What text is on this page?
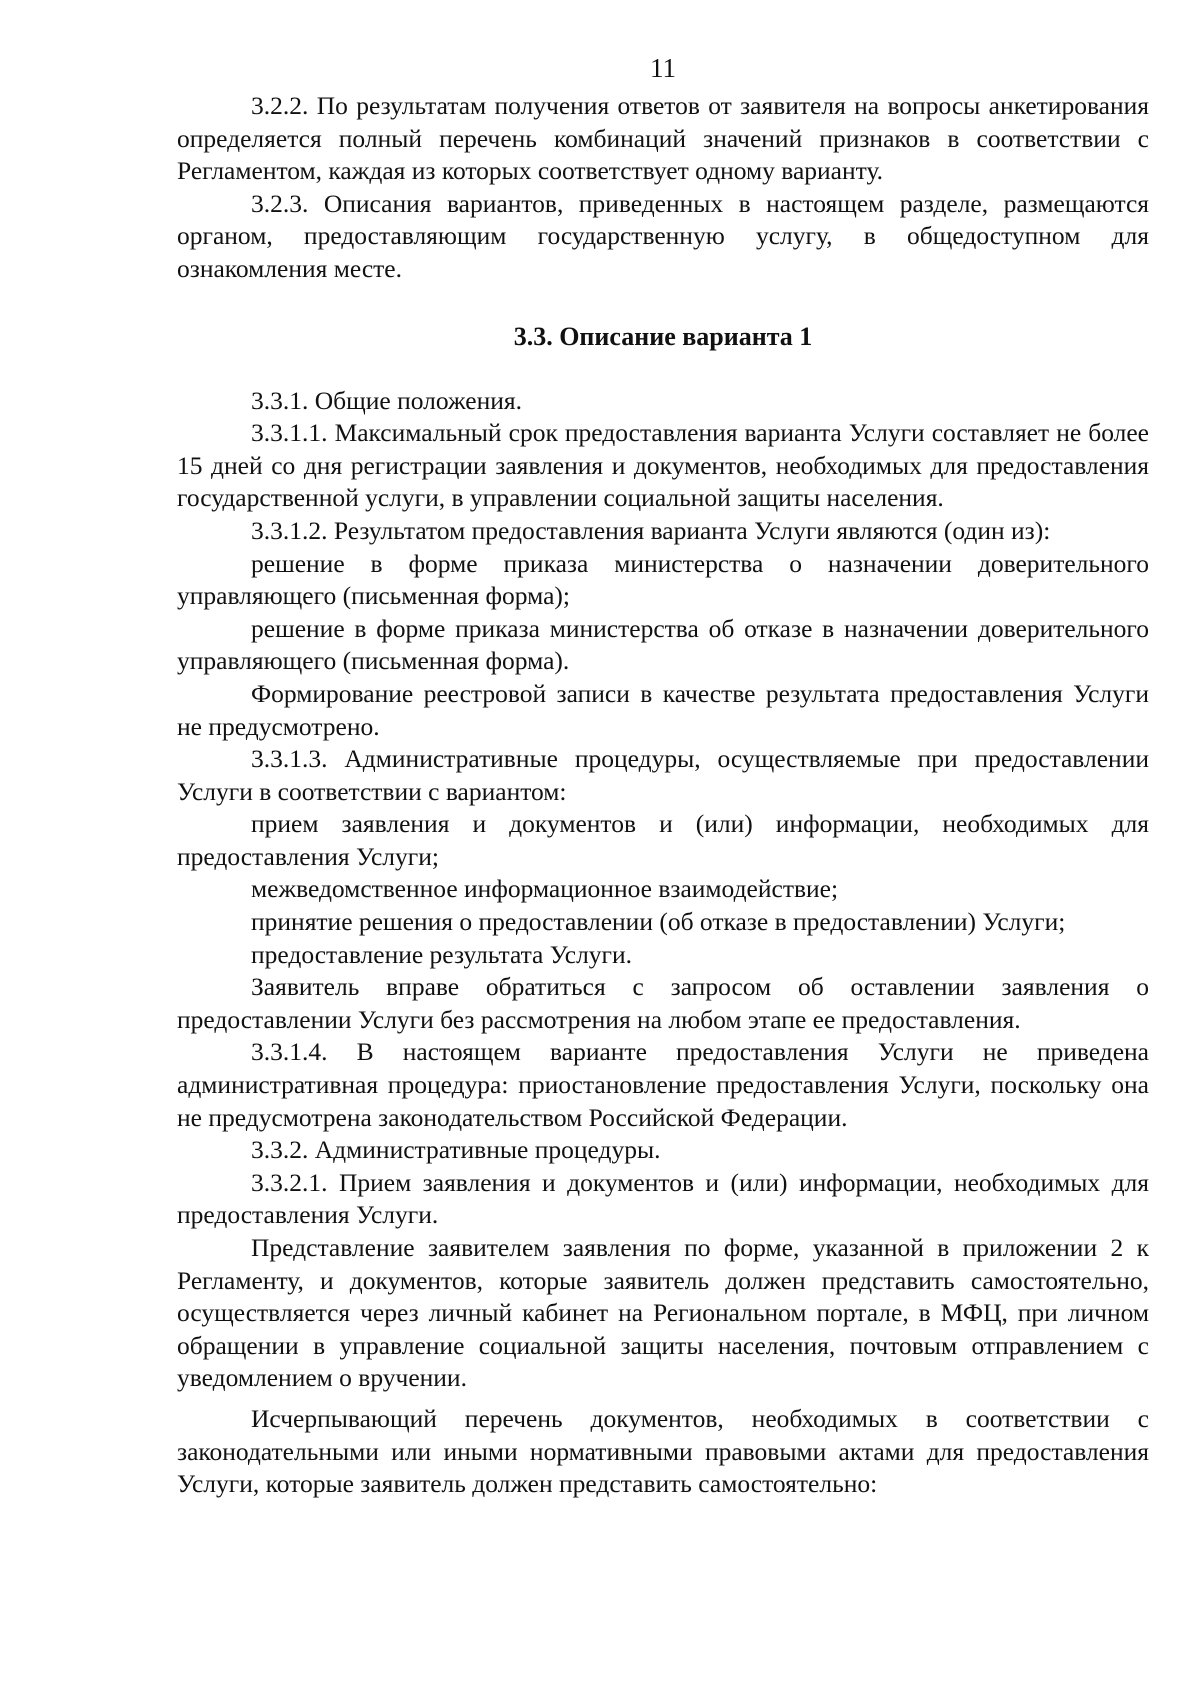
11

3.2.2. По результатам получения ответов от заявителя на вопросы анкетирования определяется полный перечень комбинаций значений признаков в соответствии с Регламентом, каждая из которых соответствует одному варианту.

3.2.3. Описания вариантов, приведенных в настоящем разделе, размещаются органом, предоставляющим государственную услугу, в общедоступном для ознакомления месте.

3.3. Описание варианта 1

3.3.1. Общие положения.

3.3.1.1. Максимальный срок предоставления варианта Услуги составляет не более 15 дней со дня регистрации заявления и документов, необходимых для предоставления государственной услуги, в управлении социальной защиты населения.

3.3.1.2. Результатом предоставления варианта Услуги являются (один из):

решение в форме приказа министерства о назначении доверительного управляющего (письменная форма);

решение в форме приказа министерства об отказе в назначении доверительного управляющего (письменная форма).

Формирование реестровой записи в качестве результата предоставления Услуги не предусмотрено.

3.3.1.3. Административные процедуры, осуществляемые при предоставлении Услуги в соответствии с вариантом:

прием заявления и документов и (или) информации, необходимых для предоставления Услуги;

межведомственное информационное взаимодействие;

принятие решения о предоставлении (об отказе в предоставлении) Услуги;

предоставление результата Услуги.

Заявитель вправе обратиться с запросом об оставлении заявления о предоставлении Услуги без рассмотрения на любом этапе ее предоставления.

3.3.1.4. В настоящем варианте предоставления Услуги не приведена административная процедура: приостановление предоставления Услуги, поскольку она не предусмотрена законодательством Российской Федерации.

3.3.2. Административные процедуры.

3.3.2.1. Прием заявления и документов и (или) информации, необходимых для предоставления Услуги.

Представление заявителем заявления по форме, указанной в приложении 2 к Регламенту, и документов, которые заявитель должен представить самостоятельно, осуществляется через личный кабинет на Региональном портале, в МФЦ, при личном обращении в управление социальной защиты населения, почтовым отправлением с уведомлением о вручении.

Исчерпывающий перечень документов, необходимых в соответствии с законодательными или иными нормативными правовыми актами для предоставления Услуги, которые заявитель должен представить самостоятельно:
